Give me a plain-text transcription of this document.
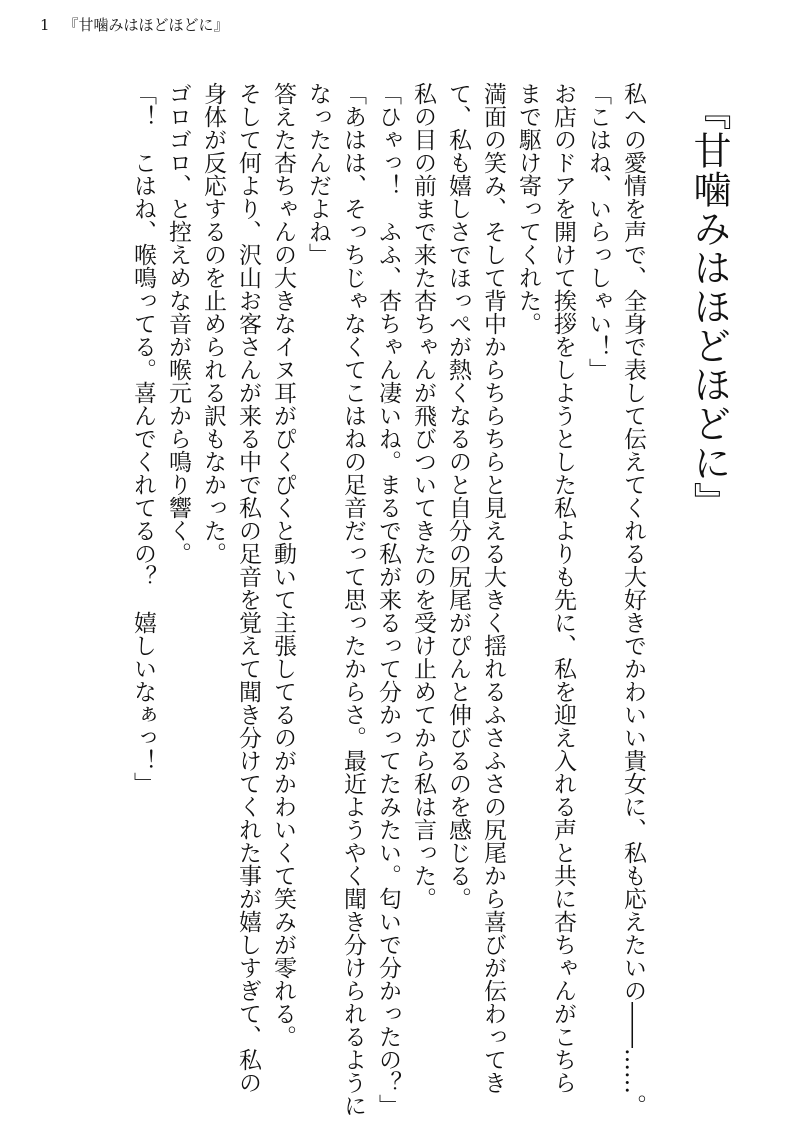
1 『甘噛みはほどほどに』
『甘噛みはほどほどに』
私への愛情を声で、全身で表して伝えてくれる大好きでかわいい貴女に、私も応えたいの――……。
「こはね、いらっしゃい！」
お店のドアを開けて挨拶をしようとした私よりも先に、私を迎え入れる声と共に杏ちゃんがこちら
まで駆け寄ってくれた。
満面の笑み、そして背中からちらちらと見える大きく揺れるふさふさの尻尾から喜びが伝わってき
て、私も嬉しさでほっぺが熱くなるのと自分の尻尾がぴんと伸びるのを感じる。
私の目の前まで来た杏ちゃんが飛びついてきたのを受け止めてから私は言った。
「ひゃっ！　ふふ、杏ちゃん凄いね。まるで私が来るって分かってたみたい。匂いで分かったの？」
「あはは、そっちじゃなくてこはねの足音だって思ったからさ。最近ようやく聞き分けられるように
なったんだよね」
答えた杏ちゃんの大きなイヌ耳がぴくぴくと動いて主張してるのがかわいくて笑みが零れる。
そして何より、沢山お客さんが来る中で私の足音を覚えて聞き分けてくれた事が嬉しすぎて、私の
身体が反応するのを止められる訳もなかった。
ゴロゴロ、と控えめな音が喉元から鳴り響く。
「！　こはね、喉鳴ってる。喜んでくれてるの？　嬉しいなぁっ！」
